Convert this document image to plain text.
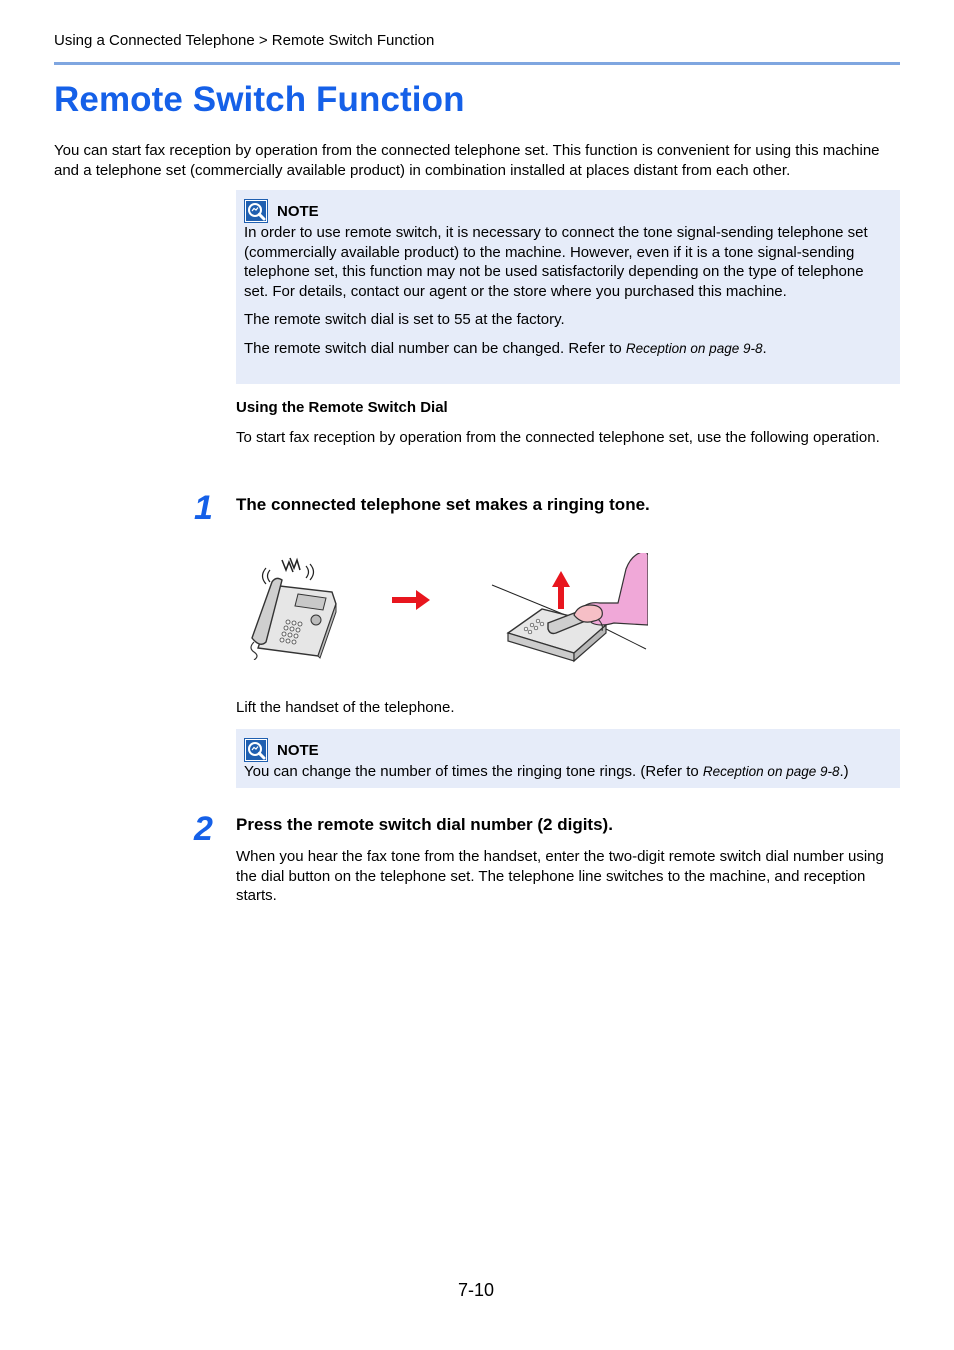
Using a Connected Telephone > Remote Switch Function
Remote Switch Function
You can start fax reception by operation from the connected telephone set. This function is convenient for using this machine and a telephone set (commercially available product) in combination installed at places distant from each other.
NOTE

In order to use remote switch, it is necessary to connect the tone signal-sending telephone set (commercially available product) to the machine. However, even if it is a tone signal-sending telephone set, this function may not be used satisfactorily depending on the type of telephone set. For details, contact our agent or the store where you purchased this machine.

The remote switch dial is set to 55 at the factory.

The remote switch dial number can be changed. Refer to Reception on page 9-8.

Using the Remote Switch Dial
To start fax reception by operation from the connected telephone set, use the following operation.
1 The connected telephone set makes a ringing tone.
Lift the handset of the telephone.
NOTE

You can change the number of times the ringing tone rings. (Refer to Reception on page 9-8.)

2 Press the remote switch dial number (2 digits).
When you hear the fax tone from the handset, enter the two-digit remote switch dial number using the dial button on the telephone set. The telephone line switches to the machine, and reception starts.
7-10
